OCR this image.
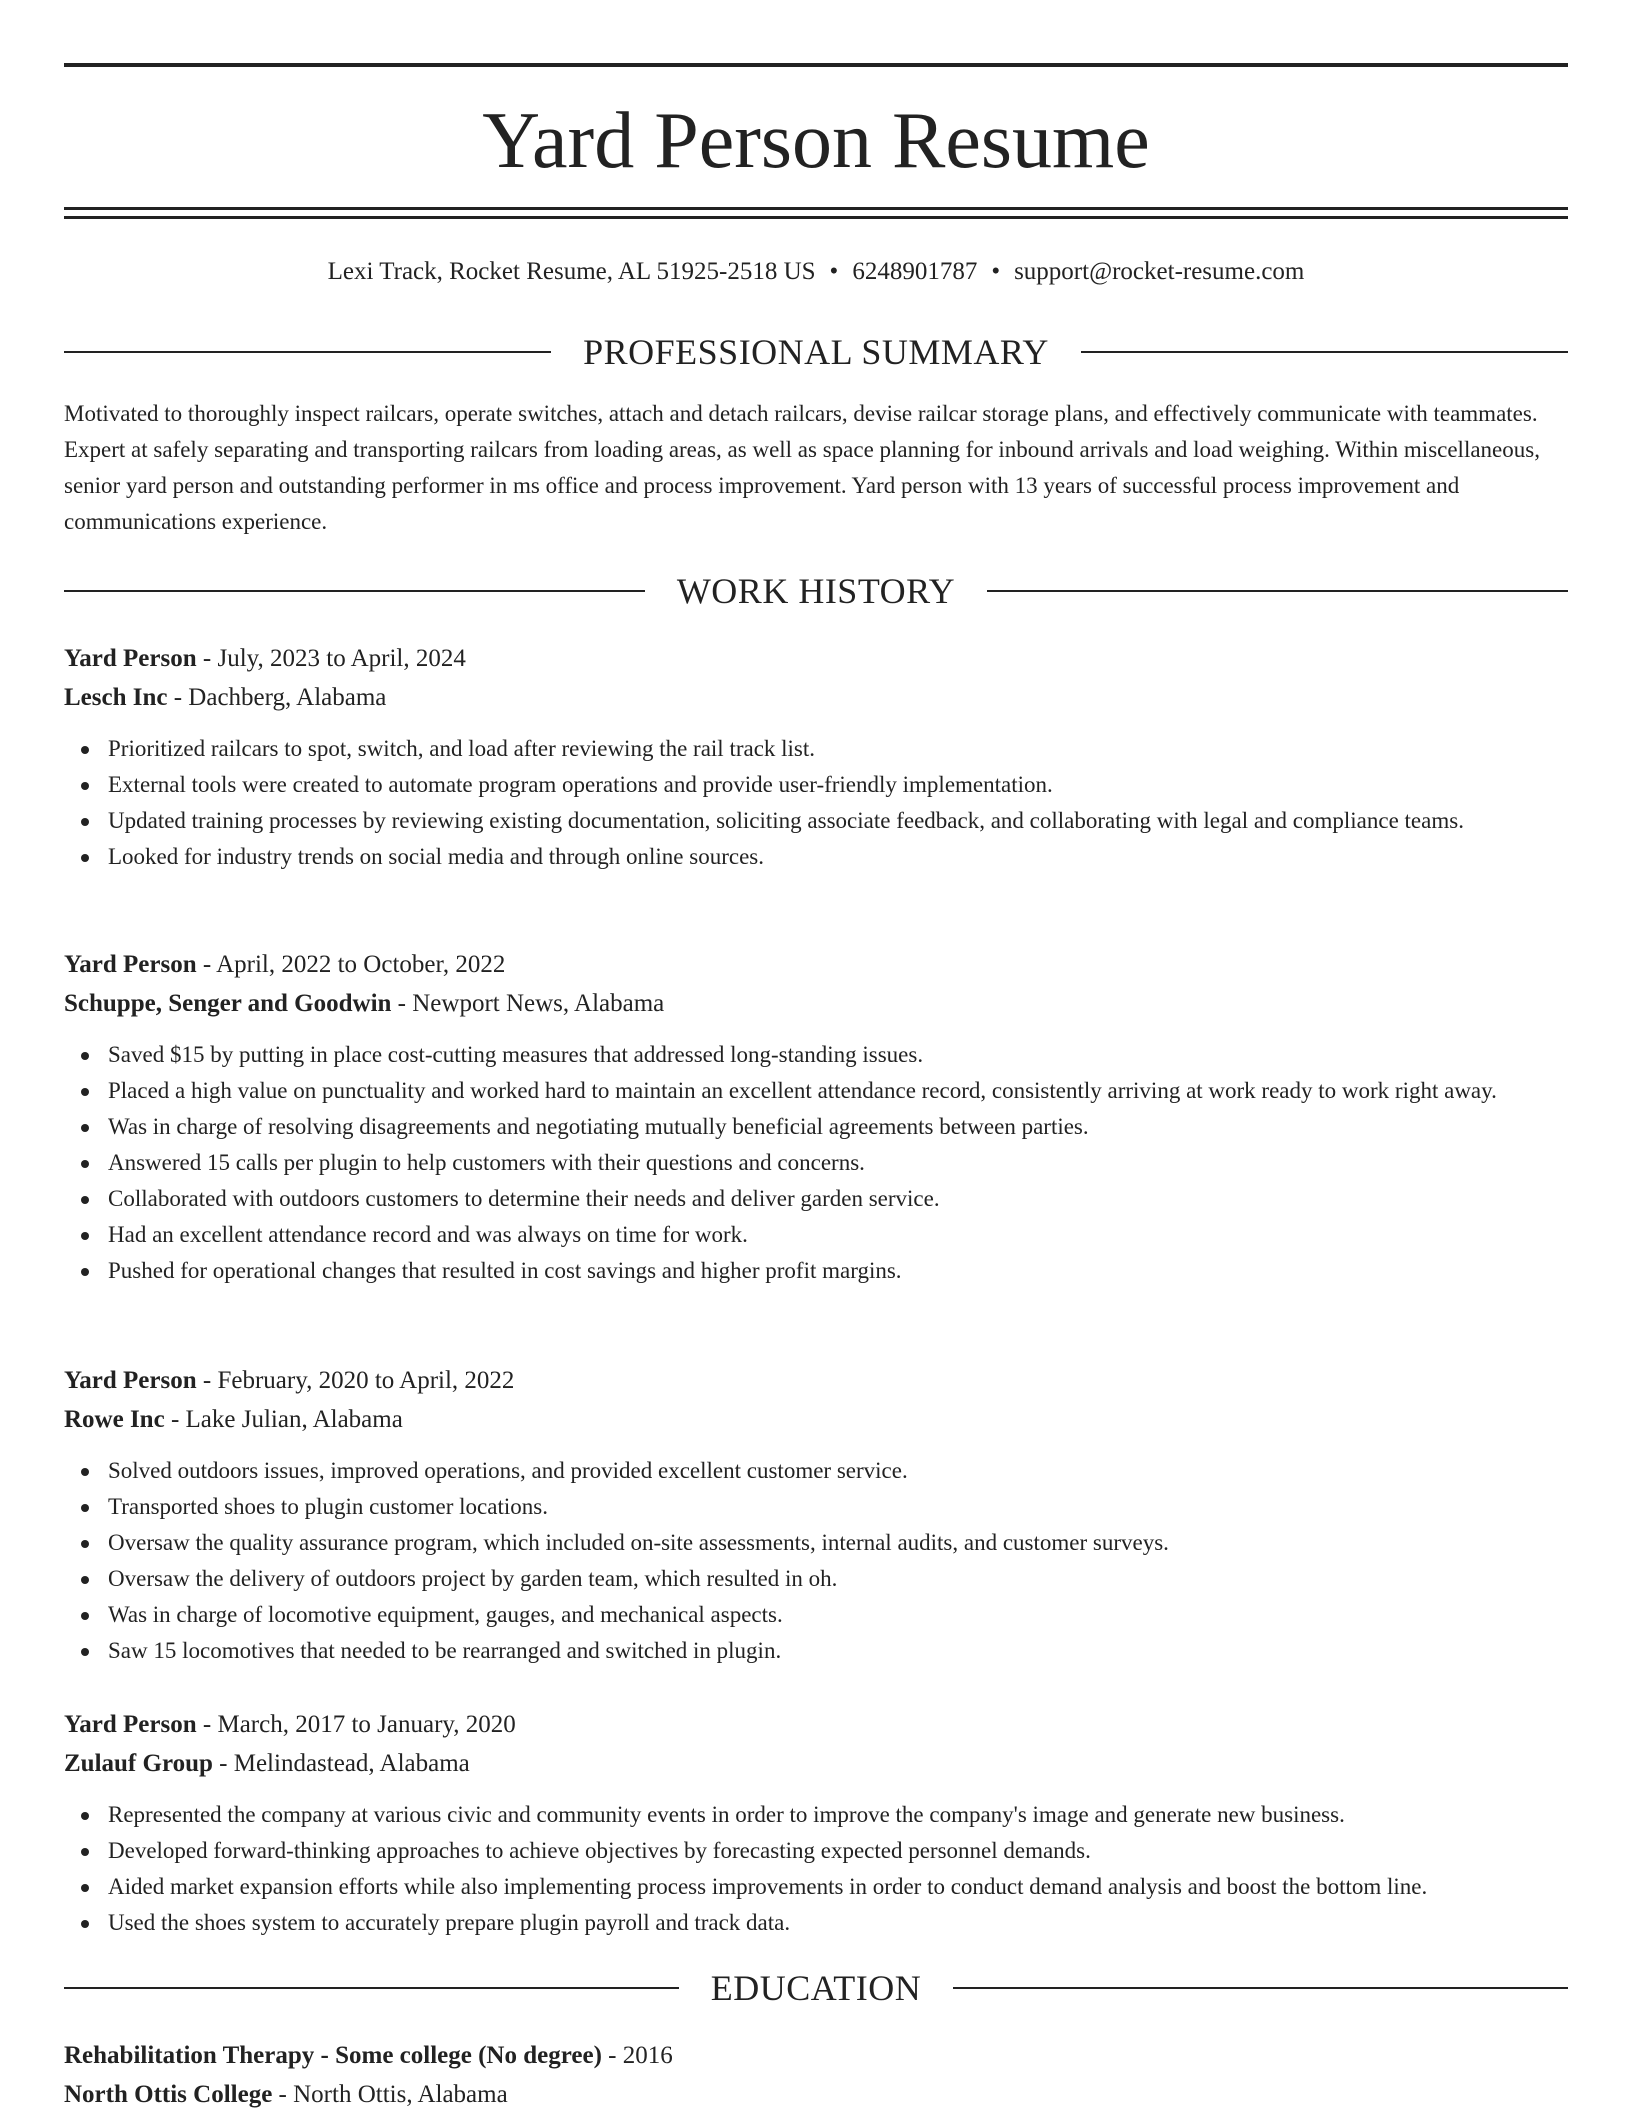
Yard Person Resume
Lexi Track, Rocket Resume, AL 51925-2518 US • 6248901787 • support@rocket-resume.com
PROFESSIONAL SUMMARY

Motivated to thoroughly inspect railcars, operate switches, attach and detach railcars, devise railcar storage plans, and effectively communicate with teammates. Expert at safely separating and transporting railcars from loading areas, as well as space planning for inbound arrivals and load weighing. Within miscellaneous, senior yard person and outstanding performer in ms office and process improvement. Yard person with 13 years of successful process improvement and communications experience.

WORK HISTORY
Yard Person - July, 2023 to April, 2024
Lesch Inc - Dachberg, Alabama
Prioritized railcars to spot, switch, and load after reviewing the rail track list.
External tools were created to automate program operations and provide user-friendly implementation.
Updated training processes by reviewing existing documentation, soliciting associate feedback, and collaborating with legal and compliance teams.
Looked for industry trends on social media and through online sources.
Yard Person - April, 2022 to October, 2022
Schuppe, Senger and Goodwin - Newport News, Alabama
Saved $15 by putting in place cost-cutting measures that addressed long-standing issues.
Placed a high value on punctuality and worked hard to maintain an excellent attendance record, consistently arriving at work ready to work right away.
Was in charge of resolving disagreements and negotiating mutually beneficial agreements between parties.
Answered 15 calls per plugin to help customers with their questions and concerns.
Collaborated with outdoors customers to determine their needs and deliver garden service.
Had an excellent attendance record and was always on time for work.
Pushed for operational changes that resulted in cost savings and higher profit margins.
Yard Person - February, 2020 to April, 2022
Rowe Inc - Lake Julian, Alabama
Solved outdoors issues, improved operations, and provided excellent customer service.
Transported shoes to plugin customer locations.
Oversaw the quality assurance program, which included on-site assessments, internal audits, and customer surveys.
Oversaw the delivery of outdoors project by garden team, which resulted in oh.
Was in charge of locomotive equipment, gauges, and mechanical aspects.
Saw 15 locomotives that needed to be rearranged and switched in plugin.
Yard Person - March, 2017 to January, 2020
Zulauf Group - Melindastead, Alabama
Represented the company at various civic and community events in order to improve the company's image and generate new business.
Developed forward-thinking approaches to achieve objectives by forecasting expected personnel demands.
Aided market expansion efforts while also implementing process improvements in order to conduct demand analysis and boost the bottom line.
Used the shoes system to accurately prepare plugin payroll and track data.
EDUCATION
Rehabilitation Therapy - Some college (No degree) - 2016
North Ottis College - North Ottis, Alabama
